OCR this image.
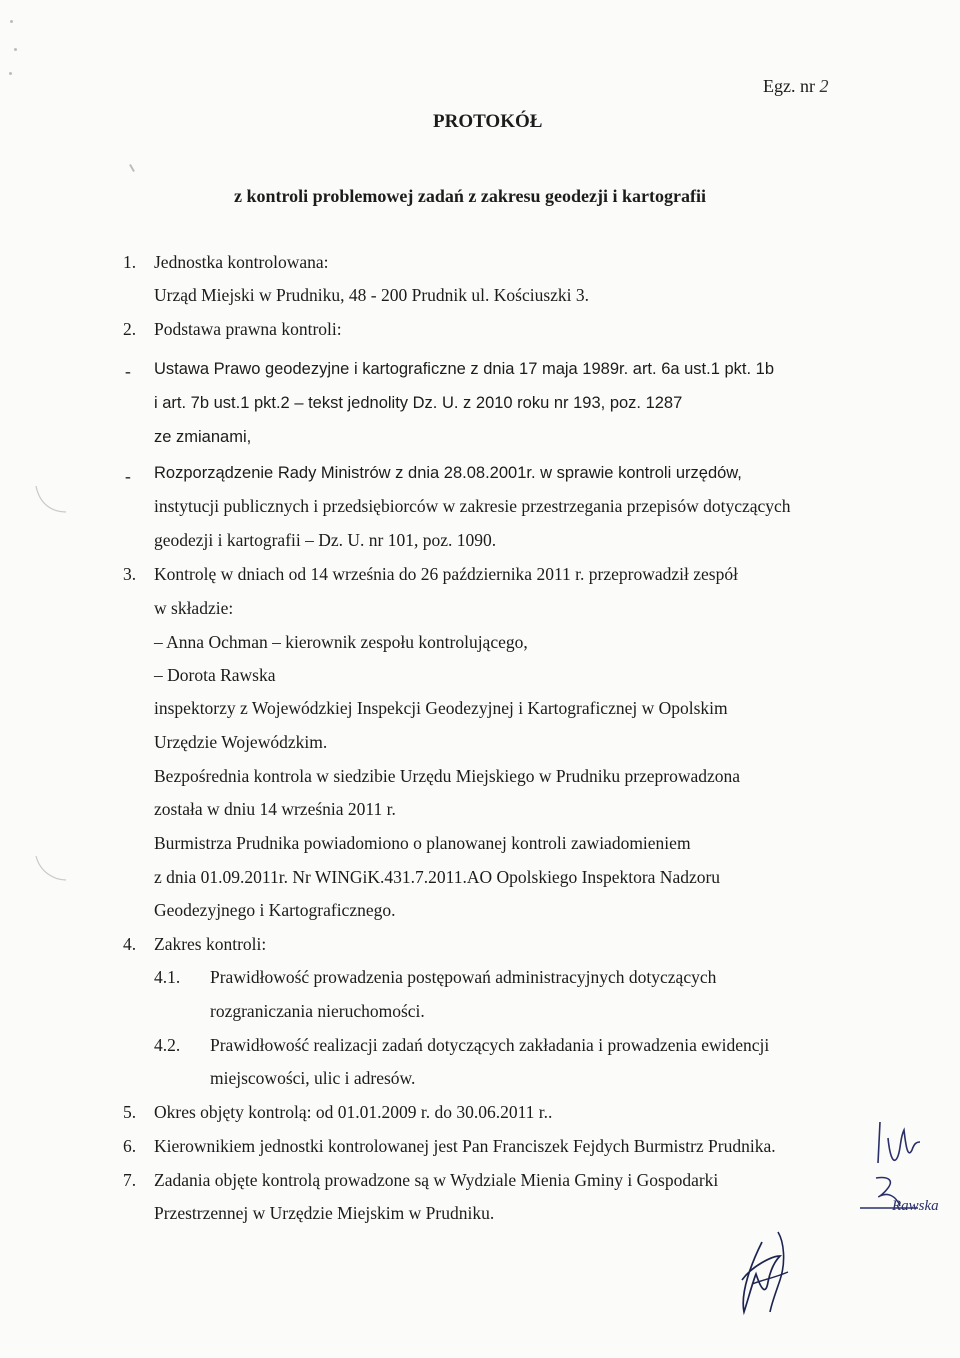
Egz. nr 2
PROTOKÓŁ
z kontroli problemowej zadań z zakresu geodezji i kartografii
1. Jednostka kontrolowana:
Urząd Miejski w Prudniku, 48 - 200 Prudnik ul. Kościuszki 3.
2. Podstawa prawna kontroli:
- Ustawa Prawo geodezyjne i kartograficzne z dnia 17 maja 1989r. art. 6a ust.1 pkt. 1b
i art. 7b ust.1 pkt.2 – tekst jednolity Dz. U. z 2010 roku nr 193, poz. 1287
ze zmianami,
- Rozporządzenie Rady Ministrów z dnia 28.08.2001r. w sprawie kontroli urzędów,
instytucji publicznych i przedsiębiorców w zakresie przestrzegania przepisów dotyczących
geodezji i kartografii – Dz. U. nr 101, poz. 1090.
3. Kontrolę w dniach od 14 września do 26 października 2011 r. przeprowadził zespół
w składzie:
– Anna Ochman – kierownik zespołu kontrolującego,
– Dorota Rawska
inspektorzy z Wojewódzkiej Inspekcji Geodezyjnej i Kartograficznej w Opolskim
Urzędzie Wojewódzkim.
Bezpośrednia kontrola w siedzibie Urzędu Miejskiego w Prudniku przeprowadzona
została w dniu 14 września 2011 r.
Burmistrza Prudnika powiadomiono o planowanej kontroli zawiadomieniem
z dnia 01.09.2011r. Nr WINGiK.431.7.2011.AO Opolskiego Inspektora Nadzoru
Geodezyjnego i Kartograficznego.
4. Zakres kontroli:
4.1. Prawidłowość prowadzenia postępowań administracyjnych dotyczących
rozgraniczania nieruchomości.
4.2. Prawidłowość realizacji zadań dotyczących zakładania i prowadzenia ewidencji
miejscowości, ulic i adresów.
5. Okres objęty kontrolą: od 01.01.2009 r. do 30.06.2011 r..
6. Kierownikiem jednostki kontrolowanej jest Pan Franciszek Fejdych Burmistrz Prudnika.
7. Zadania objęte kontrolą prowadzone są w Wydziale Mienia Gminy i Gospodarki
Przestrzennej w Urzędzie Miejskim w Prudniku.	Rawska
